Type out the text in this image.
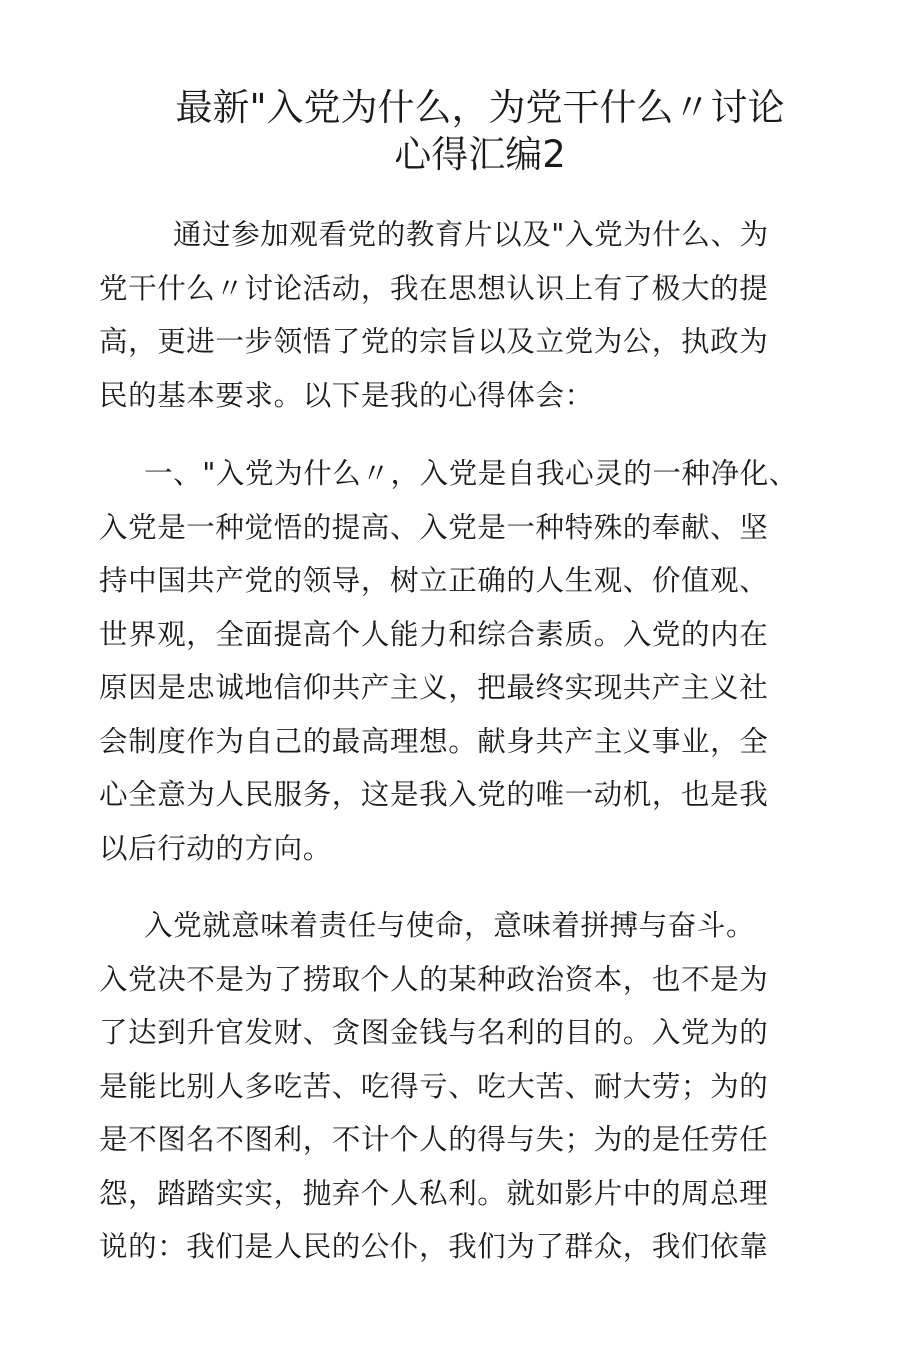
最新"入党为什么，为党干什么〃讨论
心得汇编2
通过参加观看党的教育片以及"入党为什么、为
党干什么〃讨论活动，我在思想认识上有了极大的提
高，更进一步领悟了党的宗旨以及立党为公，执政为
民的基本要求。以下是我的心得体会：
一、"入党为什么〃，入党是自我心灵的一种净化、
入党是一种觉悟的提高、入党是一种特殊的奉献、坚
持中国共产党的领导，树立正确的人生观、价值观、
世界观，全面提高个人能力和综合素质。入党的内在
原因是忠诚地信仰共产主义，把最终实现共产主义社
会制度作为自己的最高理想。献身共产主义事业，全
心全意为人民服务，这是我入党的唯一动机，也是我
以后行动的方向。
入党就意味着责任与使命，意味着拼搏与奋斗。
入党决不是为了捞取个人的某种政治资本，也不是为
了达到升官发财、贪图金钱与名利的目的。入党为的
是能比别人多吃苦、吃得亏、吃大苦、耐大劳；为的
是不图名不图利，不计个人的得与失；为的是任劳任
怨，踏踏实实，抛弃个人私利。就如影片中的周总理
说的：我们是人民的公仆，我们为了群众，我们依靠
